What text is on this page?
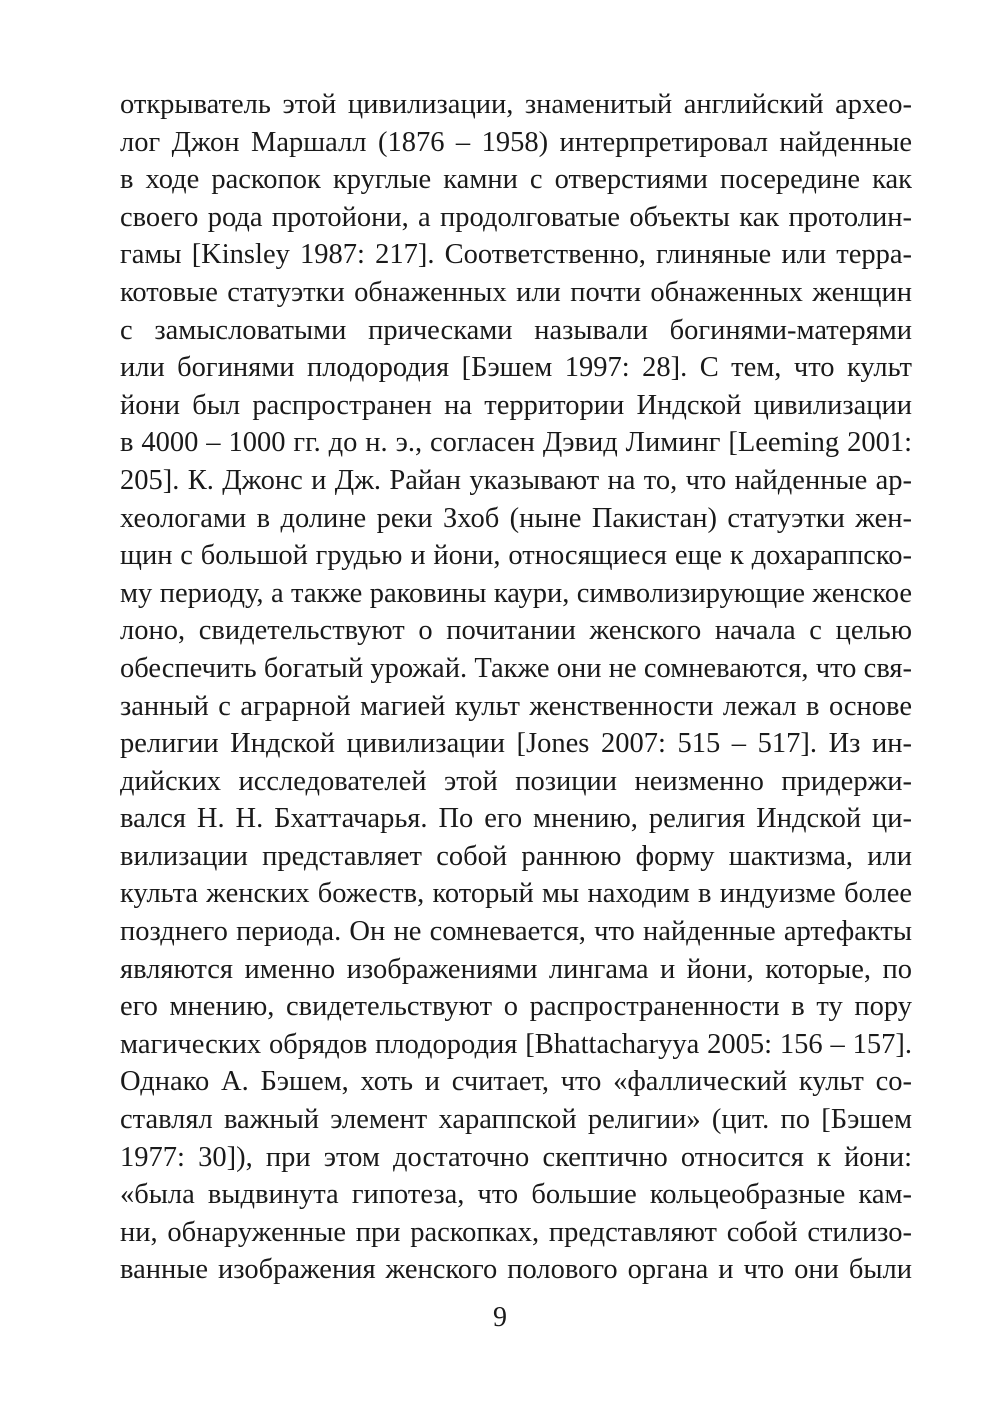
открыватель этой цивилизации, знаменитый английский архео-
лог Джон Маршалл (1876 – 1958) интерпретировал найденные
в ходе раскопок круглые камни с отверстиями посередине как
своего рода протойони, а продолговатые объекты как протолин-
гамы [Kinsley 1987: 217]. Соответственно, глиняные или терра-
котовые статуэтки обнаженных или почти обнаженных женщин
с замысловатыми прическами называли богинями-матерями
или богинями плодородия [Бэшем 1997: 28]. С тем, что культ
йони был распространен на территории Индской цивилизации
в 4000 – 1000 гг. до н. э., согласен Дэвид Лиминг [Leeming 2001:
205]. К. Джонс и Дж. Райан указывают на то, что найденные ар-
хеологами в долине реки Зхоб (ныне Пакистан) статуэтки жен-
щин с большой грудью и йони, относящиеся еще к дохараппско-
му периоду, а также раковины каури, символизирующие женское
лоно, свидетельствуют о почитании женского начала с целью
обеспечить богатый урожай. Также они не сомневаются, что свя-
занный с аграрной магией культ женственности лежал в основе
религии Индской цивилизации [Jones 2007: 515 – 517]. Из ин-
дийских исследователей этой позиции неизменно придержи-
вался Н. Н. Бхаттачарья. По его мнению, религия Индской ци-
вилизации представляет собой раннюю форму шактизма, или
культа женских божеств, который мы находим в индуизме более
позднего периода. Он не сомневается, что найденные артефакты
являются именно изображениями лингама и йони, которые, по
его мнению, свидетельствуют о распространенности в ту пору
магических обрядов плодородия [Bhattacharyya 2005: 156 – 157].
Однако А. Бэшем, хоть и считает, что «фаллический культ со-
ставлял важный элемент хараппской религии» (цит. по [Бэшем
1977: 30]), при этом достаточно скептично относится к йони:
«была выдвинута гипотеза, что большие кольцеобразные кам-
ни, обнаруженные при раскопках, представляют собой стилизо-
ванные изображения женского полового органа и что они были
9
